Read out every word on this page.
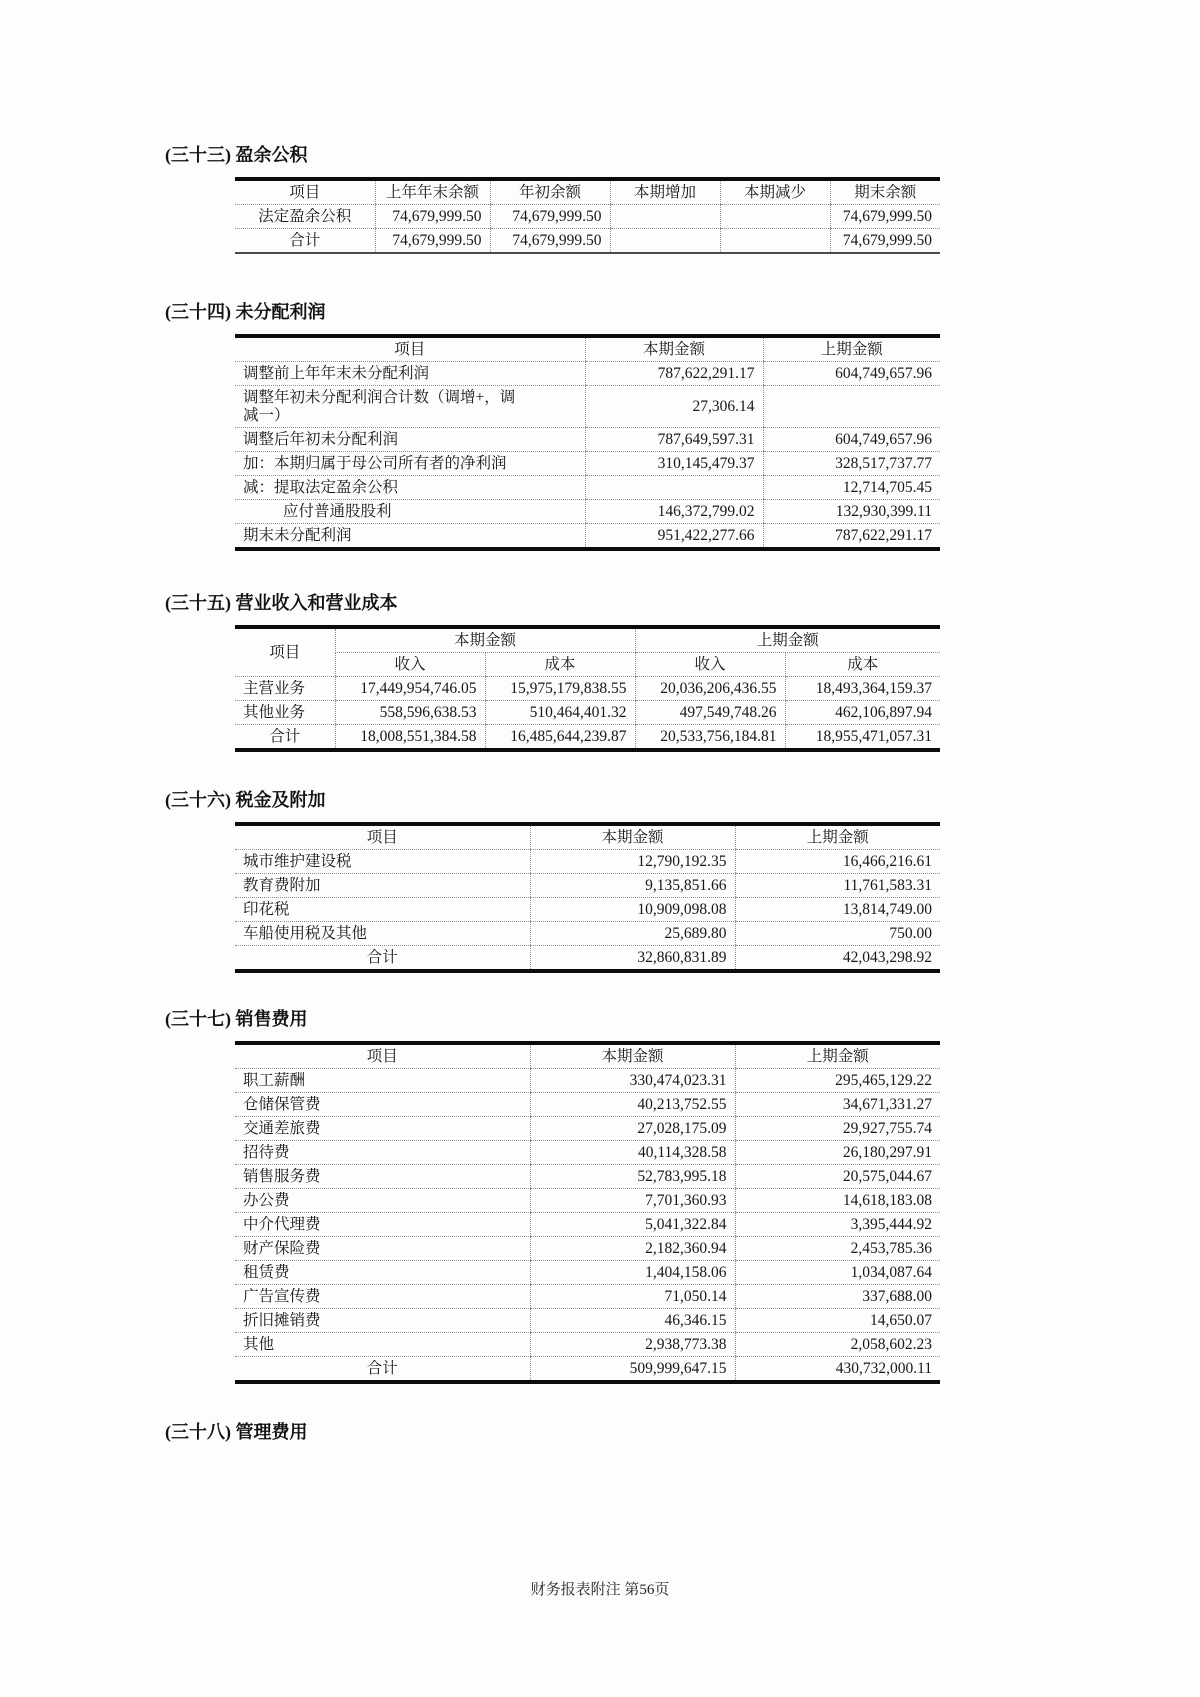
(三十三) 盈余公积
项目	上年年末余额	年初余额	本期增加	本期减少	期末余额
法定盈余公积	74,679,999.50	74,679,999.50			74,679,999.50
合计	74,679,999.50	74,679,999.50			74,679,999.50
(三十四) 未分配利润
项目	本期金额	上期金额
调整前上年年末未分配利润	787,622,291.17	604,749,657.96
调整年初未分配利润合计数（调增+，调减一）	27,306.14	
调整后年初未分配利润	787,649,597.31	604,749,657.96
加：本期归属于母公司所有者的净利润	310,145,479.37	328,517,737.77
减：提取法定盈余公积		12,714,705.45
应付普通股股利	146,372,799.02	132,930,399.11
期末未分配利润	951,422,277.66	787,622,291.17
(三十五) 营业收入和营业成本
项目	本期金额		上期金额	
	收入	成本	收入	成本
主营业务	17,449,954,746.05	15,975,179,838.55	20,036,206,436.55	18,493,364,159.37
其他业务	558,596,638.53	510,464,401.32	497,549,748.26	462,106,897.94
合计	18,008,551,384.58	16,485,644,239.87	20,533,756,184.81	18,955,471,057.31
(三十六) 税金及附加
项目	本期金额	上期金额
城市维护建设税	12,790,192.35	16,466,216.61
教育费附加	9,135,851.66	11,761,583.31
印花税	10,909,098.08	13,814,749.00
车船使用税及其他	25,689.80	750.00
合计	32,860,831.89	42,043,298.92
(三十七) 销售费用
项目	本期金额	上期金额
职工薪酬	330,474,023.31	295,465,129.22
仓储保管费	40,213,752.55	34,671,331.27
交通差旅费	27,028,175.09	29,927,755.74
招待费	40,114,328.58	26,180,297.91
销售服务费	52,783,995.18	20,575,044.67
办公费	7,701,360.93	14,618,183.08
中介代理费	5,041,322.84	3,395,444.92
财产保险费	2,182,360.94	2,453,785.36
租赁费	1,404,158.06	1,034,087.64
广告宣传费	71,050.14	337,688.00
折旧摊销费	46,346.15	14,650.07
其他	2,938,773.38	2,058,602.23
合计	509,999,647.15	430,732,000.11
(三十八) 管理费用
财务报表附注 第56页
